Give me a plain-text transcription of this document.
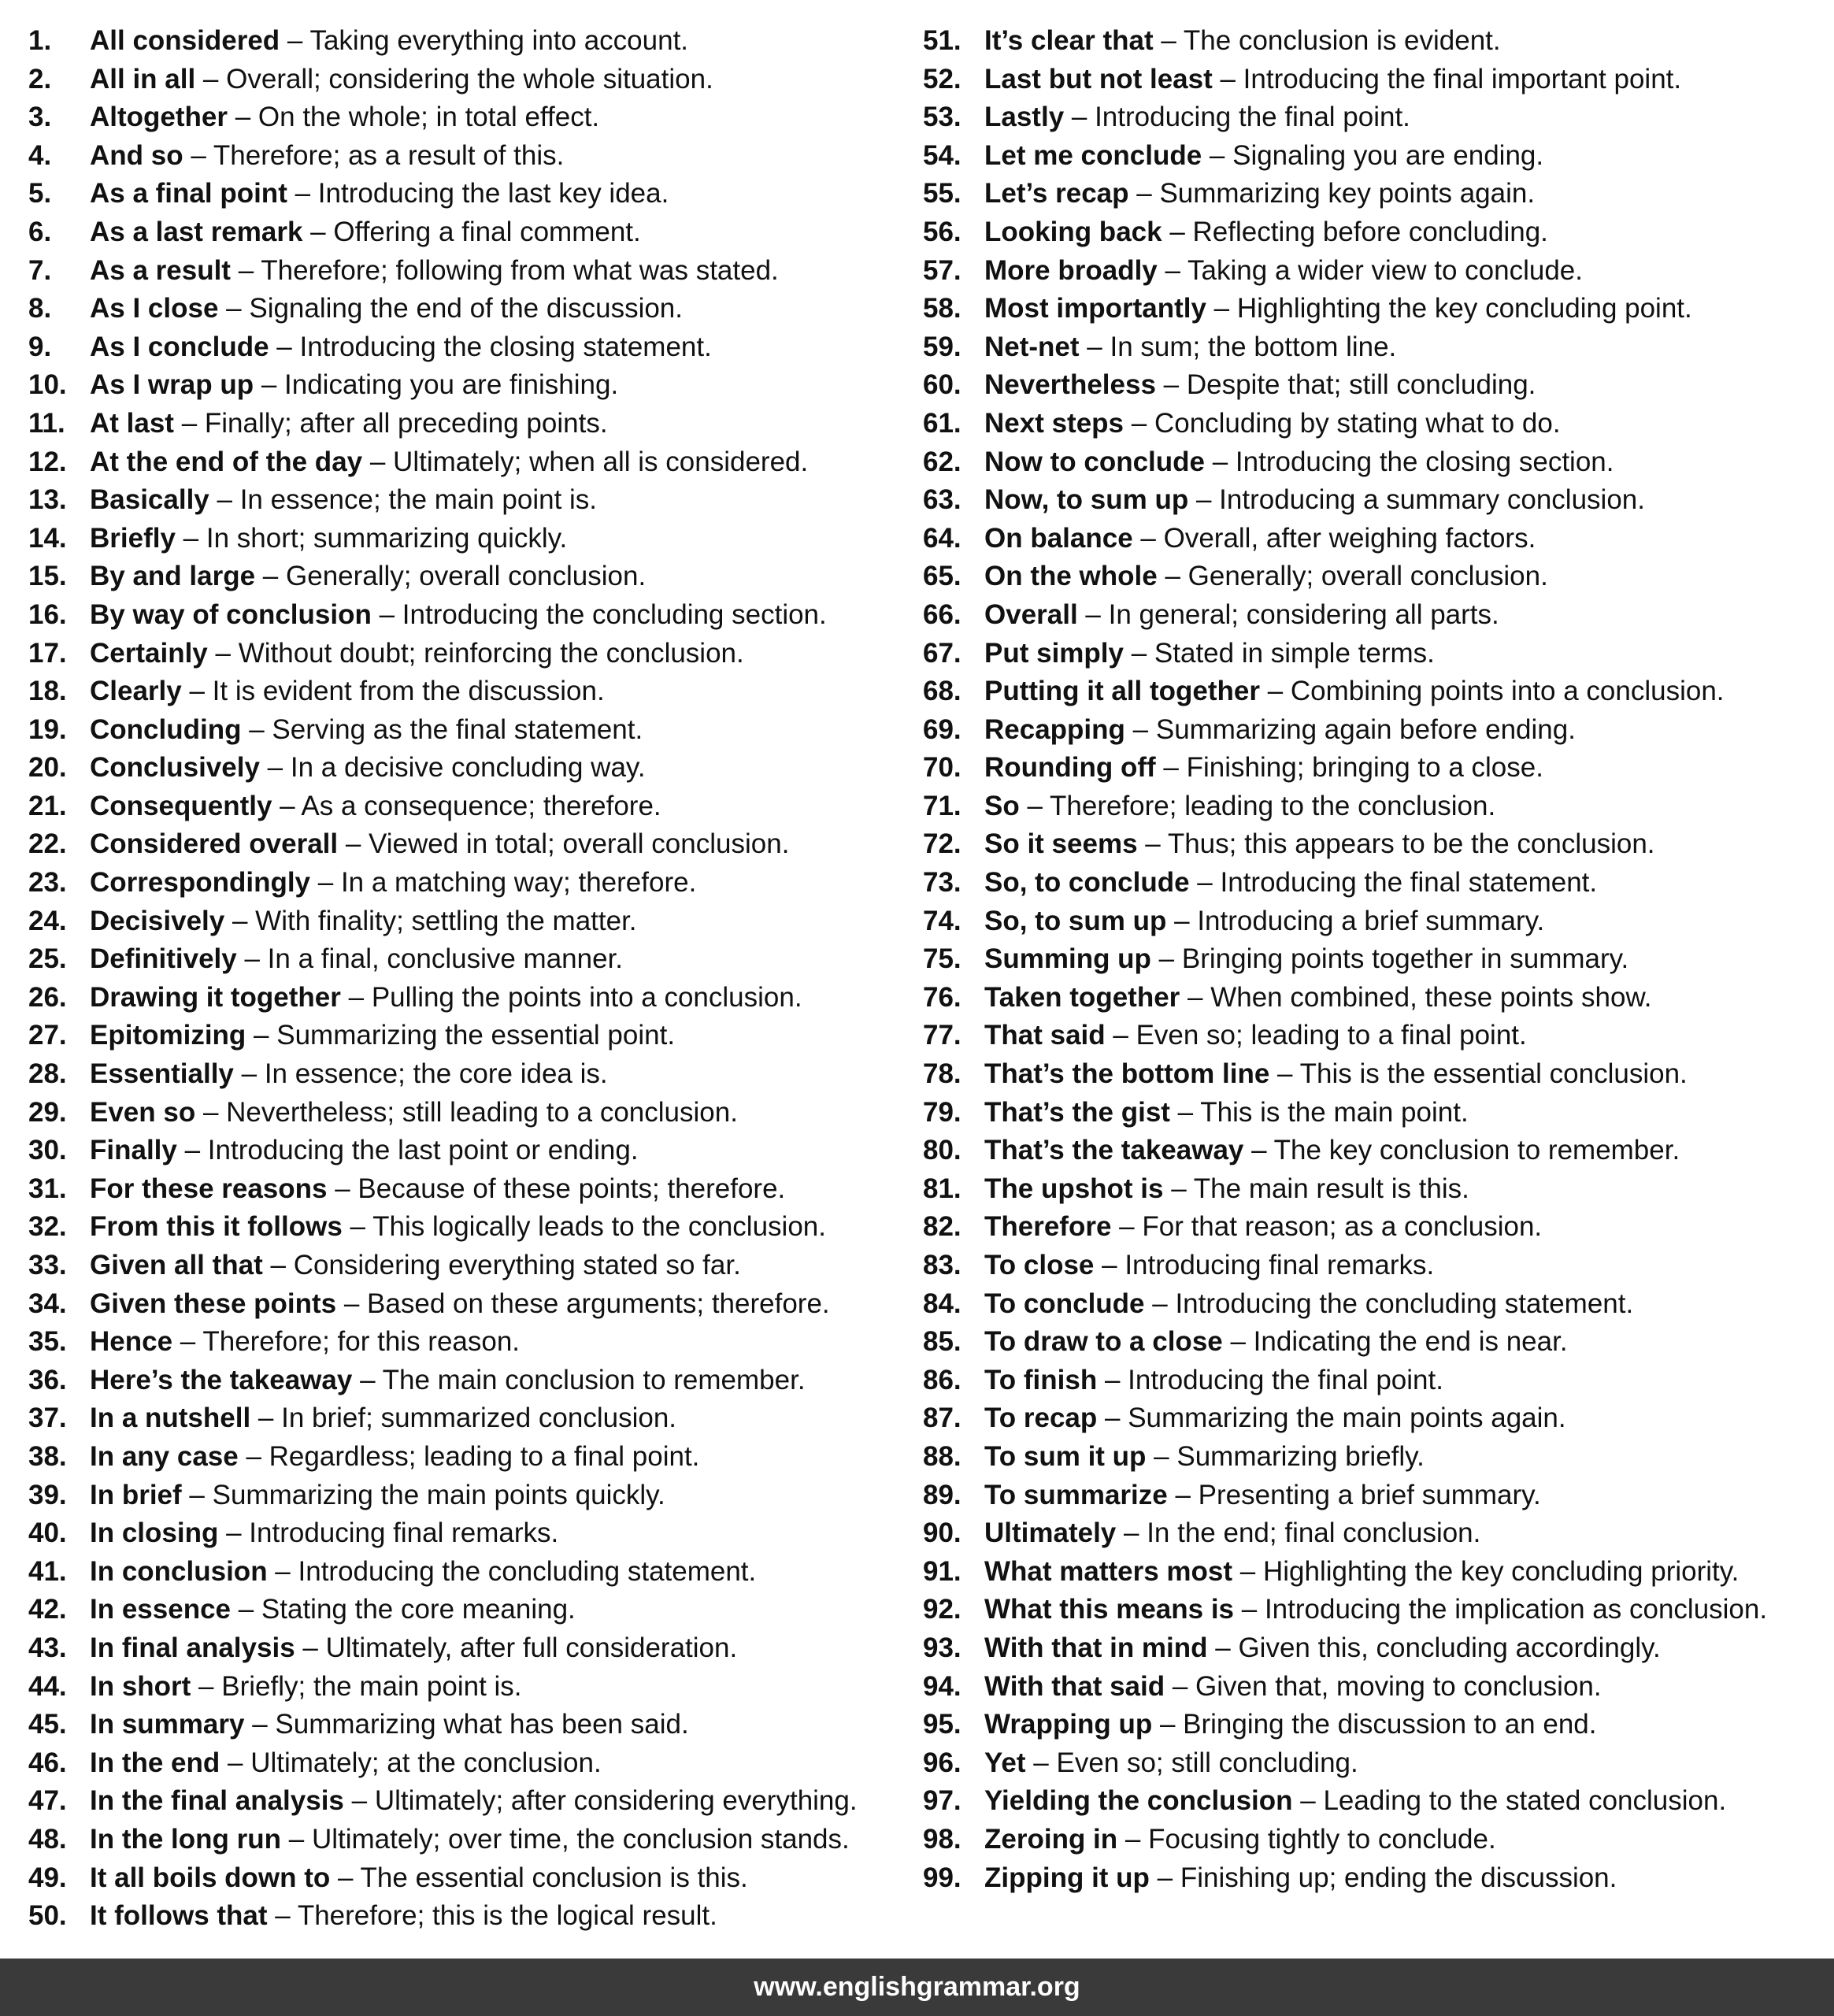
1. All considered – Taking everything into account.
2. All in all – Overall; considering the whole situation.
3. Altogether – On the whole; in total effect.
4. And so – Therefore; as a result of this.
5. As a final point – Introducing the last key idea.
6. As a last remark – Offering a final comment.
7. As a result – Therefore; following from what was stated.
8. As I close – Signaling the end of the discussion.
9. As I conclude – Introducing the closing statement.
10. As I wrap up – Indicating you are finishing.
11. At last – Finally; after all preceding points.
12. At the end of the day – Ultimately; when all is considered.
13. Basically – In essence; the main point is.
14. Briefly – In short; summarizing quickly.
15. By and large – Generally; overall conclusion.
16. By way of conclusion – Introducing the concluding section.
17. Certainly – Without doubt; reinforcing the conclusion.
18. Clearly – It is evident from the discussion.
19. Concluding – Serving as the final statement.
20. Conclusively – In a decisive concluding way.
21. Consequently – As a consequence; therefore.
22. Considered overall – Viewed in total; overall conclusion.
23. Correspondingly – In a matching way; therefore.
24. Decisively – With finality; settling the matter.
25. Definitively – In a final, conclusive manner.
26. Drawing it together – Pulling the points into a conclusion.
27. Epitomizing – Summarizing the essential point.
28. Essentially – In essence; the core idea is.
29. Even so – Nevertheless; still leading to a conclusion.
30. Finally – Introducing the last point or ending.
31. For these reasons – Because of these points; therefore.
32. From this it follows – This logically leads to the conclusion.
33. Given all that – Considering everything stated so far.
34. Given these points – Based on these arguments; therefore.
35. Hence – Therefore; for this reason.
36. Here’s the takeaway – The main conclusion to remember.
37. In a nutshell – In brief; summarized conclusion.
38. In any case – Regardless; leading to a final point.
39. In brief – Summarizing the main points quickly.
40. In closing – Introducing final remarks.
41. In conclusion – Introducing the concluding statement.
42. In essence – Stating the core meaning.
43. In final analysis – Ultimately, after full consideration.
44. In short – Briefly; the main point is.
45. In summary – Summarizing what has been said.
46. In the end – Ultimately; at the conclusion.
47. In the final analysis – Ultimately; after considering everything.
48. In the long run – Ultimately; over time, the conclusion stands.
49. It all boils down to – The essential conclusion is this.
50. It follows that – Therefore; this is the logical result.
51. It’s clear that – The conclusion is evident.
52. Last but not least – Introducing the final important point.
53. Lastly – Introducing the final point.
54. Let me conclude – Signaling you are ending.
55. Let’s recap – Summarizing key points again.
56. Looking back – Reflecting before concluding.
57. More broadly – Taking a wider view to conclude.
58. Most importantly – Highlighting the key concluding point.
59. Net-net – In sum; the bottom line.
60. Nevertheless – Despite that; still concluding.
61. Next steps – Concluding by stating what to do.
62. Now to conclude – Introducing the closing section.
63. Now, to sum up – Introducing a summary conclusion.
64. On balance – Overall, after weighing factors.
65. On the whole – Generally; overall conclusion.
66. Overall – In general; considering all parts.
67. Put simply – Stated in simple terms.
68. Putting it all together – Combining points into a conclusion.
69. Recapping – Summarizing again before ending.
70. Rounding off – Finishing; bringing to a close.
71. So – Therefore; leading to the conclusion.
72. So it seems – Thus; this appears to be the conclusion.
73. So, to conclude – Introducing the final statement.
74. So, to sum up – Introducing a brief summary.
75. Summing up – Bringing points together in summary.
76. Taken together – When combined, these points show.
77. That said – Even so; leading to a final point.
78. That’s the bottom line – This is the essential conclusion.
79. That’s the gist – This is the main point.
80. That’s the takeaway – The key conclusion to remember.
81. The upshot is – The main result is this.
82. Therefore – For that reason; as a conclusion.
83. To close – Introducing final remarks.
84. To conclude – Introducing the concluding statement.
85. To draw to a close – Indicating the end is near.
86. To finish – Introducing the final point.
87. To recap – Summarizing the main points again.
88. To sum it up – Summarizing briefly.
89. To summarize – Presenting a brief summary.
90. Ultimately – In the end; final conclusion.
91. What matters most – Highlighting the key concluding priority.
92. What this means is – Introducing the implication as conclusion.
93. With that in mind – Given this, concluding accordingly.
94. With that said – Given that, moving to conclusion.
95. Wrapping up – Bringing the discussion to an end.
96. Yet – Even so; still concluding.
97. Yielding the conclusion – Leading to the stated conclusion.
98. Zeroing in – Focusing tightly to conclude.
99. Zipping it up – Finishing up; ending the discussion.
www.englishgrammar.org
